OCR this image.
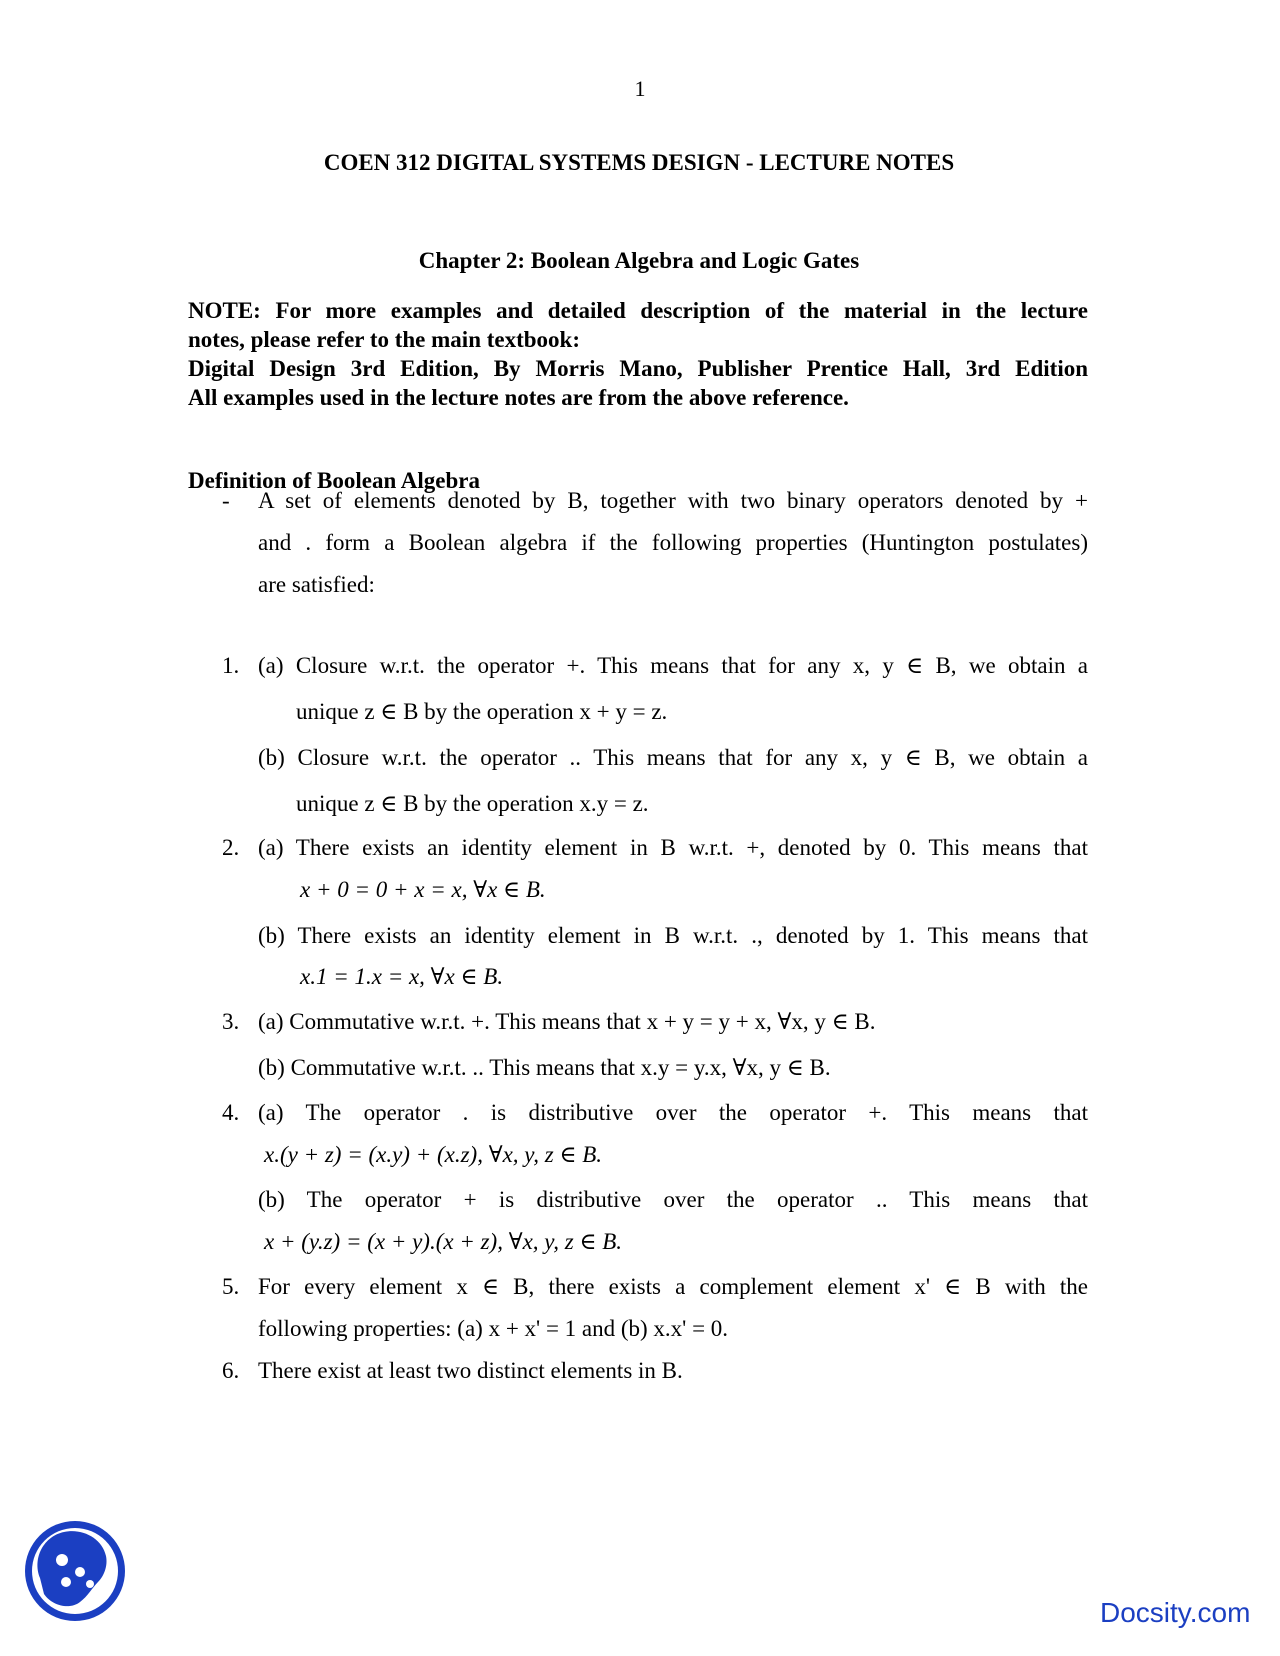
1
COEN 312 DIGITAL SYSTEMS DESIGN - LECTURE NOTES
Chapter 2: Boolean Algebra and Logic Gates
NOTE: For more examples and detailed description of the material in the lecture
notes, please refer to the main textbook:
Digital Design 3rd Edition, By Morris Mano, Publisher Prentice Hall, 3rd Edition
All examples used in the lecture notes are from the above reference.
Definition of Boolean Algebra
- A set of elements denoted by B, together with two binary operators denoted by +
and . form a Boolean algebra if the following properties (Huntington postulates)
are satisfied:
1. (a) Closure w.r.t. the operator +. This means that for any x, y ∈ B, we obtain a
unique z ∈ B by the operation x + y = z.
(b) Closure w.r.t. the operator .. This means that for any x, y ∈ B, we obtain a
unique z ∈ B by the operation x.y = z.
2. (a) There exists an identity element in B w.r.t. +, denoted by 0. This means that
x + 0 = 0 + x = x, ∀x ∈ B.
(b) There exists an identity element in B w.r.t. ., denoted by 1. This means that
x.1 = 1.x = x, ∀x ∈ B.
3. (a) Commutative w.r.t. +. This means that x + y = y + x, ∀x, y ∈ B.
(b) Commutative w.r.t. .. This means that x.y = y.x, ∀x, y ∈ B.
4. (a) The operator . is distributive over the operator +. This means that
x.(y + z) = (x.y) + (x.z), ∀x, y, z ∈ B.
(b) The operator + is distributive over the operator .. This means that
x + (y.z) = (x + y).(x + z), ∀x, y, z ∈ B.
5. For every element x ∈ B, there exists a complement element x' ∈ B with the
following properties: (a) x + x' = 1 and (b) x.x' = 0.
6. There exist at least two distinct elements in B.
Docsity.com
